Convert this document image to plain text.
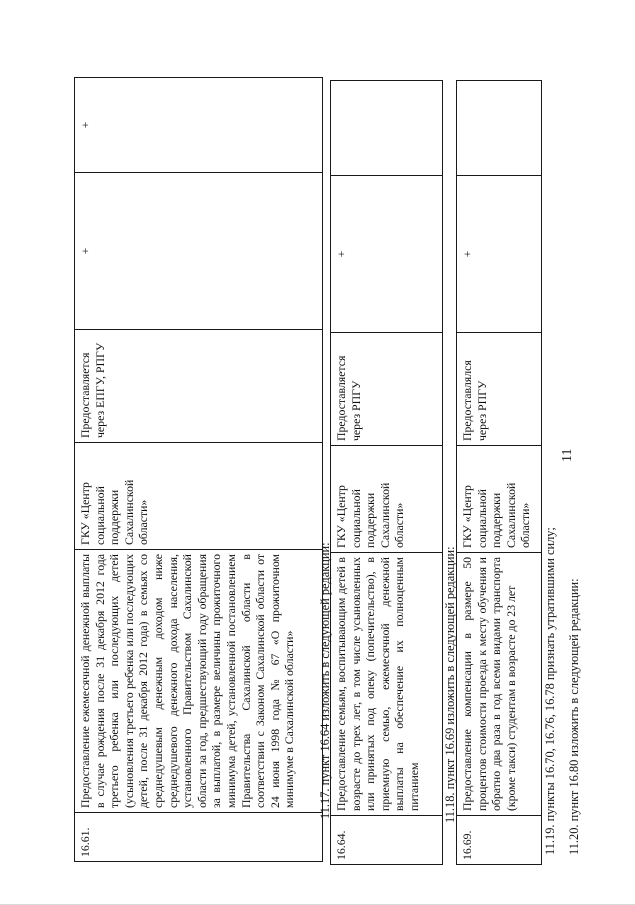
11
16.61.	Предоставление ежемесячной денежной выплаты в случае рождения после 31 декабря 2012 года третьего ребенка или последующих детей (усыновления третьего ребенка или последующих детей, после 31 декабря 2012 года) в семьях со среднедушевым денежным доходом ниже среднедушевого денежного дохода населения, установленного Правительством Сахалинской области за год, предшествующий году обращения за выплатой, в размере величины прожиточного минимума детей, установленной постановлением Правительства Сахалинской области в соответствии с Законом Сахалинской области от 24 июня 1998 года № 67 «О прожиточном минимуме в Сахалинской области»	ГКУ «Центр социальной поддержки Сахалинской области»	Предоставляется через ЕПГУ, РПГУ	+	+
11.17. пункт 16.64 изложить в следующей редакции:
16.64.	Предоставление семьям, воспитывающим детей в возрасте до трех лет, в том числе усыновленных или принятых под опеку (попечительство), в приемную семью, ежемесячной денежной выплаты на обеспечение их полноценным питанием	ГКУ «Центр социальной поддержки Сахалинской области»	Предоставляется через РПГУ	+	
11.18. пункт 16.69 изложить в следующей редакции:
16.69.	Предоставление компенсации в размере 50 процентов стоимости проезда к месту обучения и обратно два раза в год всеми видами транспорта (кроме такси) студентам в возрасте до 23 лет	ГКУ «Центр социальной поддержки Сахалинской области»	Предоставлялся через РПГУ	+	
11.19. пункты 16.70, 16.76, 16.78 признать утратившими силу; 11.20. пункт 16.80 изложить в следующей редакции:
